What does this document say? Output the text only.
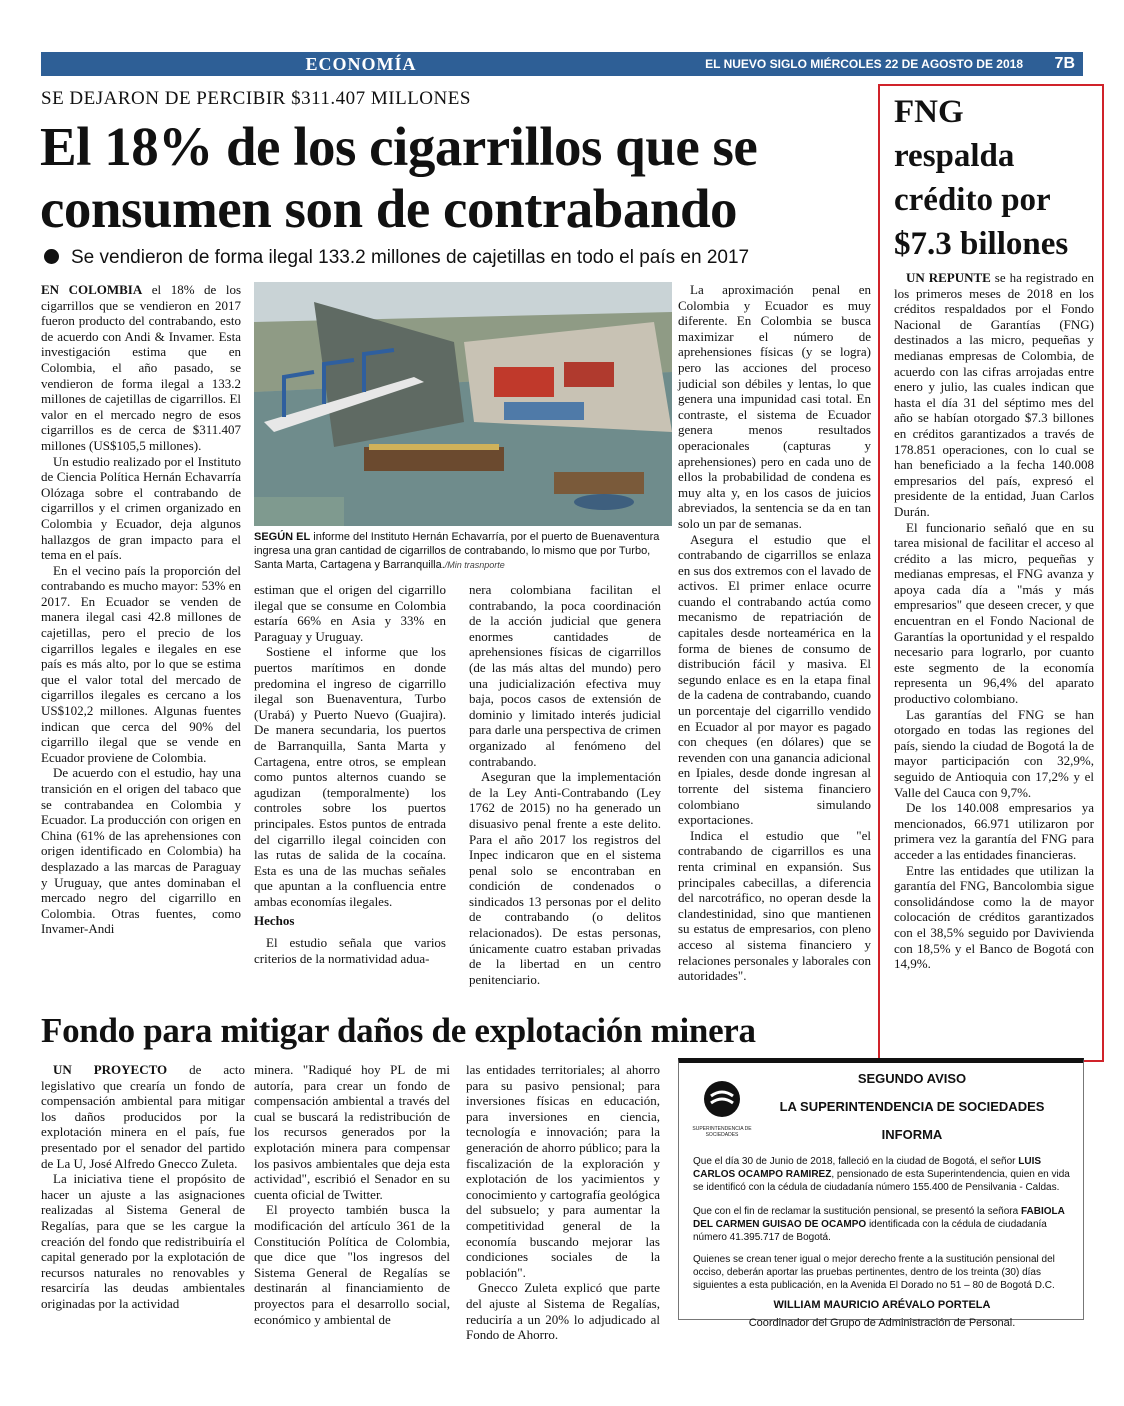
ECONOMÍA	EL NUEVO SIGLO MIÉRCOLES 22 DE AGOSTO DE 2018 7B
SE DEJARON DE PERCIBIR $311.407 MILLONES
El 18% de los cigarrillos que se
consumen son de contrabando
Se vendieron de forma ilegal 133.2 millones de cajetillas en todo el país en 2017

EN COLOMBIA el 18% de los cigarrillos que se vendieron en 2017 fueron producto del contrabando, esto de acuerdo con Andi & Invamer. Esta investigación estima que en Colombia, el año pasado, se vendieron de forma ilegal a 133.2 millones de cajetillas de cigarrillos. El valor en el mercado negro de esos cigarrillos es de cerca de $311.407 millones (US$105,5 millones).

Un estudio realizado por el Instituto de Ciencia Política Hernán Echavarría Olózaga sobre el contrabando de cigarrillos y el crimen organizado en Colombia y Ecuador, deja algunos hallazgos de gran impacto para el tema en el país.

En el vecino país la proporción del contrabando es mucho mayor: 53% en 2017. En Ecuador se venden de manera ilegal casi 42.8 millones de cajetillas, pero el precio de los cigarrillos legales e ilegales en ese país es más alto, por lo que se estima que el valor total del mercado de cigarrillos ilegales es cercano a los US$102,2 millones. Algunas fuentes indican que cerca del 90% del cigarrillo ilegal que se vende en Ecuador proviene de Colombia.

De acuerdo con el estudio, hay una transición en el origen del tabaco que se contrabandea en Colombia y Ecuador. La producción con origen en China (61% de las aprehensiones con origen identificado en Colombia) ha desplazado a las marcas de Paraguay y Uruguay, que antes dominaban el mercado negro del cigarrillo en Colombia. Otras fuentes, como Invamer-Andi

SEGÚN EL informe del Instituto Hernán Echavarría, por el puerto de Buenaventura ingresa una gran cantidad de cigarrillos de contrabando, lo mismo que por Turbo, Santa Marta, Cartagena y Barranquilla./Min trasnporte

estiman que el origen del cigarrillo ilegal que se consume en Colombia estaría 66% en Asia y 33% en Paraguay y Uruguay.

Sostiene el informe que los puertos marítimos en donde predomina el ingreso de cigarrillo ilegal son Buenaventura, Turbo (Urabá) y Puerto Nuevo (Guajira). De manera secundaria, los puertos de Barranquilla, Santa Marta y Cartagena, entre otros, se emplean como puntos alternos cuando se agudizan (temporalmente) los controles sobre los puertos principales. Estos puntos de entrada del cigarrillo ilegal coinciden con las rutas de salida de la cocaína. Esta es una de las muchas señales que apuntan a la confluencia entre ambas economías ilegales.

Hechos

El estudio señala que varios criterios de la normatividad adua-

nera colombiana facilitan el contrabando, la poca coordinación de la acción judicial que genera enormes cantidades de aprehensiones físicas de cigarrillos (de las más altas del mundo) pero una judicialización efectiva muy baja, pocos casos de extensión de dominio y limitado interés judicial para darle una perspectiva de crimen organizado al fenómeno del contrabando.

Aseguran que la implementación de la Ley Anti-Contrabando (Ley 1762 de 2015) no ha generado un disuasivo penal frente a este delito. Para el año 2017 los registros del Inpec indicaron que en el sistema penal solo se encontraban en condición de condenados o sindicados 13 personas por el delito de contrabando (o delitos relacionados). De estas personas, únicamente cuatro estaban privadas de la libertad en un centro penitenciario.

La aproximación penal en Colombia y Ecuador es muy diferente. En Colombia se busca maximizar el número de aprehensiones físicas (y se logra) pero las acciones del proceso judicial son débiles y lentas, lo que genera una impunidad casi total. En contraste, el sistema de Ecuador genera menos resultados operacionales (capturas y aprehensiones) pero en cada uno de ellos la probabilidad de condena es muy alta y, en los casos de juicios abreviados, la sentencia se da en tan solo un par de semanas.

Asegura el estudio que el contrabando de cigarrillos se enlaza en sus dos extremos con el lavado de activos. El primer enlace ocurre cuando el contrabando actúa como mecanismo de repatriación de capitales desde norteamérica en la forma de bienes de consumo de distribución fácil y masiva. El segundo enlace es en la etapa final de la cadena de contrabando, cuando un porcentaje del cigarrillo vendido en Ecuador al por mayor es pagado con cheques (en dólares) que se revenden con una ganancia adicional en Ipiales, desde donde ingresan al torrente del sistema financiero colombiano simulando exportaciones.

Indica el estudio que "el contrabando de cigarrillos es una renta criminal en expansión. Sus principales cabecillas, a diferencia del narcotráfico, no operan desde la clandestinidad, sino que mantienen su estatus de empresarios, con pleno acceso al sistema financiero y relaciones personales y laborales con autoridades".

FNG
respalda
crédito por
$7.3 billones

UN REPUNTE se ha registrado en los primeros meses de 2018 en los créditos respaldados por el Fondo Nacional de Garantías (FNG) destinados a las micro, pequeñas y medianas empresas de Colombia, de acuerdo con las cifras arrojadas entre enero y julio, las cuales indican que hasta el día 31 del séptimo mes del año se habían otorgado $7.3 billones en créditos garantizados a través de 178.851 operaciones, con lo cual se han beneficiado a la fecha 140.008 empresarios del país, expresó el presidente de la entidad, Juan Carlos Durán.

El funcionario señaló que en su tarea misional de facilitar el acceso al crédito a las micro, pequeñas y medianas empresas, el FNG avanza y apoya cada día a "más y más empresarios" que deseen crecer, y que encuentran en el Fondo Nacional de Garantías la oportunidad y el respaldo necesario para lograrlo, por cuanto este segmento de la economía representa un 96,4% del aparato productivo colombiano.

Las garantías del FNG se han otorgado en todas las regiones del país, siendo la ciudad de Bogotá la de mayor participación con 32,9%, seguido de Antioquia con 17,2% y el Valle del Cauca con 9,7%.

De los 140.008 empresarios ya mencionados, 66.971 utilizaron por primera vez la garantía del FNG para acceder a las entidades financieras.

Entre las entidades que utilizan la garantía del FNG, Bancolombia sigue consolidándose como la de mayor colocación de créditos garantizados con el 38,5% seguido por Davivienda con 18,5% y el Banco de Bogotá con 14,9%.

Fondo para mitigar daños de explotación minera

UN PROYECTO de acto legislativo que crearía un fondo de compensación ambiental para mitigar los daños producidos por la explotación minera en el país, fue presentado por el senador del partido de La U, José Alfredo Gnecco Zuleta.

La iniciativa tiene el propósito de hacer un ajuste a las asignaciones realizadas al Sistema General de Regalías, para que se les cargue la creación del fondo que redistribuiría el capital generado por la explotación de recursos naturales no renovables y resarciría las deudas ambientales originadas por la actividad

minera. "Radiqué hoy PL de mi autoría, para crear un fondo de compensación ambiental a través del cual se buscará la redistribución de los recursos generados por la explotación minera para compensar los pasivos ambientales que deja esta actividad", escribió el Senador en su cuenta oficial de Twitter.

El proyecto también busca la modificación del artículo 361 de la Constitución Política de Colombia, que dice que "los ingresos del Sistema General de Regalías se destinarán al financiamiento de proyectos para el desarrollo social, económico y ambiental de

las entidades territoriales; al ahorro para su pasivo pensional; para inversiones físicas en educación, para inversiones en ciencia, tecnología e innovación; para la generación de ahorro público; para la fiscalización de la exploración y explotación de los yacimientos y conocimiento y cartografía geológica del subsuelo; y para aumentar la competitividad general de la economía buscando mejorar las condiciones sociales de la población".

Gnecco Zuleta explicó que parte del ajuste al Sistema de Regalías, reduciría a un 20% lo adjudicado al Fondo de Ahorro.

SUPERINTENDENCIA DE SOCIEDADES
SEGUNDO AVISO
LA SUPERINTENDENCIA DE SOCIEDADES
INFORMA
Que el día 30 de Junio de 2018, falleció en la ciudad de Bogotá, el señor LUIS CARLOS OCAMPO RAMIREZ, pensionado de esta Superintendencia, quien en vida se identificó con la cédula de ciudadanía número 155.400 de Pensilvania - Caldas.
Que con el fin de reclamar la sustitución pensional, se presentó la señora FABIOLA DEL CARMEN GUISAO DE OCAMPO identificada con la cédula de ciudadanía número 41.395.717 de Bogotá.
Quienes se crean tener igual o mejor derecho frente a la sustitución pensional del occiso, deberán aportar las pruebas pertinentes, dentro de los treinta (30) días siguientes a esta publicación, en la Avenida El Dorado no 51 – 80 de Bogotá D.C.
WILLIAM MAURICIO ARÉVALO PORTELA
Coordinador del Grupo de Administración de Personal.
